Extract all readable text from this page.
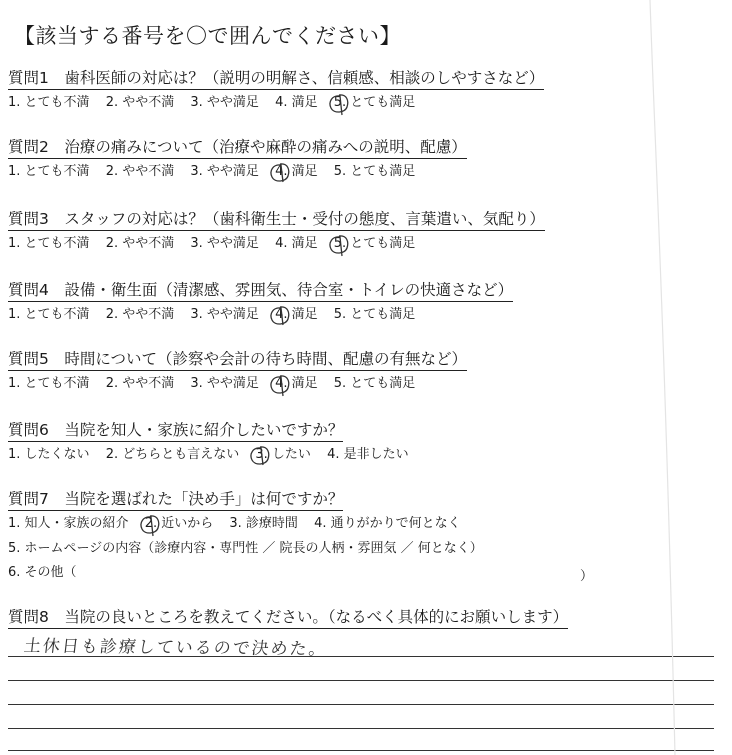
【該当する番号を〇で囲んでください】
質問1　歯科医師の対応は？（説明の明解さ、信頼感、相談のしやすさなど）
1. とても不満 2. やや不満 3. やや満足 4. 満足 5. とても満足
質問2　治療の痛みについて（治療や麻酔の痛みへの説明、配慮）
1. とても不満 2. やや不満 3. やや満足 4. 満足 5. とても満足
質問3　スタッフの対応は？（歯科衛生士・受付の態度、言葉遣い、気配り）
1. とても不満 2. やや不満 3. やや満足 4. 満足 5. とても満足
質問4　設備・衛生面（清潔感、雰囲気、待合室・トイレの快適さなど）
1. とても不満 2. やや不満 3. やや満足 4. 満足 5. とても満足
質問5　時間について（診察や会計の待ち時間、配慮の有無など）
1. とても不満 2. やや不満 3. やや満足 4. 満足 5. とても満足
質問6　当院を知人・家族に紹介したいですか？
1. したくない 2. どちらとも言えない 3. したい 4. 是非したい
質問7　当院を選ばれた「決め手」は何ですか？
1. 知人・家族の紹介 2. 近いから 3. 診療時間 4. 通りがかりで何となく
5. ホームページの内容（診療内容・専門性 ／ 院長の人柄・雰囲気 ／ 何となく）
6. その他（	）
質問8　当院の良いところを教えてください。（なるべく具体的にお願いします）
土休日も診療しているので決めた。
